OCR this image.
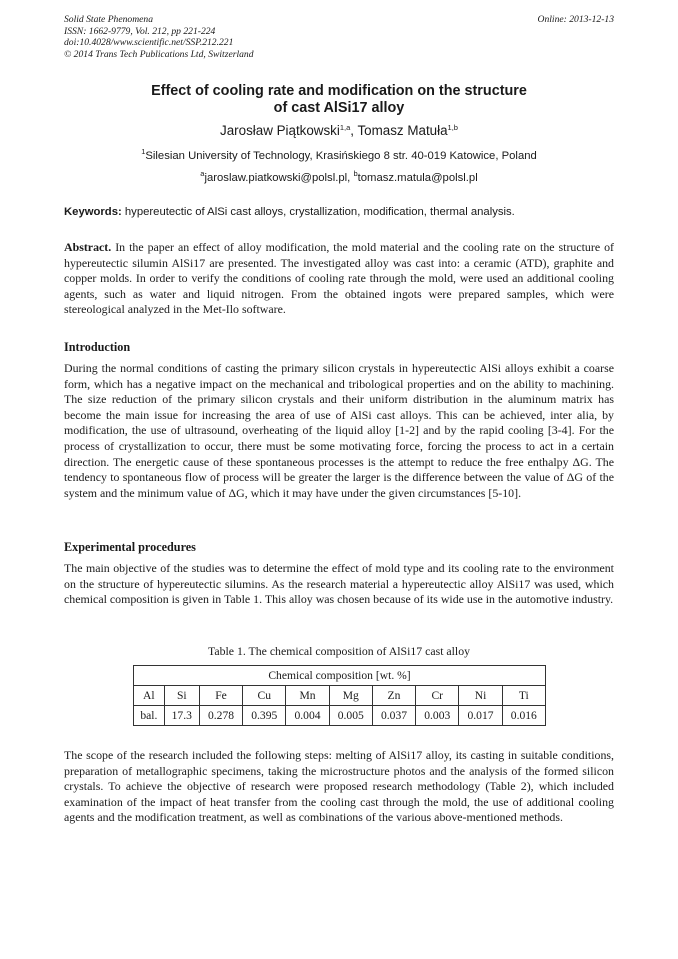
Solid State Phenomena
ISSN: 1662-9779, Vol. 212, pp 221-224
doi:10.4028/www.scientific.net/SSP.212.221
© 2014 Trans Tech Publications Ltd, Switzerland
Online: 2013-12-13
Effect of cooling rate and modification on the structure
of cast AlSi17 alloy
Jarosław Piątkowski$^{1,a}$, Tomasz Matuła$^{1,b}$
$^1$Silesian University of Technology, Krasińskiego 8 str. 40-019 Katowice, Poland
$^a$jaroslaw.piatkowski@polsl.pl, $^b$tomasz.matula@polsl.pl
Keywords: hypereutectic of AlSi cast alloys, crystallization, modification, thermal analysis.
Abstract. In the paper an effect of alloy modification, the mold material and the cooling rate on the structure of hypereutectic silumin AlSi17 are presented. The investigated alloy was cast into: a ceramic (ATD), graphite and copper molds. In order to verify the conditions of cooling rate through the mold, were used an additional cooling agents, such as water and liquid nitrogen. From the obtained ingots were prepared samples, which were stereological analyzed in the Met-Ilo software.
Introduction
During the normal conditions of casting the primary silicon crystals in hypereutectic AlSi alloys exhibit a coarse form, which has a negative impact on the mechanical and tribological properties and on the ability to machining. The size reduction of the primary silicon crystals and their uniform distribution in the aluminum matrix has become the main issue for increasing the area of use of AlSi cast alloys. This can be achieved, inter alia, by modification, the use of ultrasound, overheating of the liquid alloy [1-2] and by the rapid cooling [3-4]. For the process of crystallization to occur, there must be some motivating force, forcing the process to act in a certain direction. The energetic cause of these spontaneous processes is the attempt to reduce the free enthalpy ΔG. The tendency to spontaneous flow of process will be greater the larger is the difference between the value of ΔG of the system and the minimum value of ΔG, which it may have under the given circumstances [5-10].
Experimental procedures
The main objective of the studies was to determine the effect of mold type and its cooling rate to the environment on the structure of hypereutectic silumins. As the research material a hypereutectic alloy AlSi17 was used, which chemical composition is given in Table 1. This alloy was chosen because of its wide use in the automotive industry.
Table 1. The chemical composition of AlSi17 cast alloy
Chemical composition [wt. %]									
Al	Si	Fe	Cu	Mn	Mg	Zn	Cr	Ni	Ti
bal.	17.3	0.278	0.395	0.004	0.005	0.037	0.003	0.017	0.016
The scope of the research included the following steps: melting of AlSi17 alloy, its casting in suitable conditions, preparation of metallographic specimens, taking the microstructure photos and the analysis of the formed silicon crystals. To achieve the objective of research were proposed research methodology (Table 2), which included examination of the impact of heat transfer from the cooling cast through the mold, the use of additional cooling agents and the modification treatment, as well as combinations of the various above-mentioned methods.
